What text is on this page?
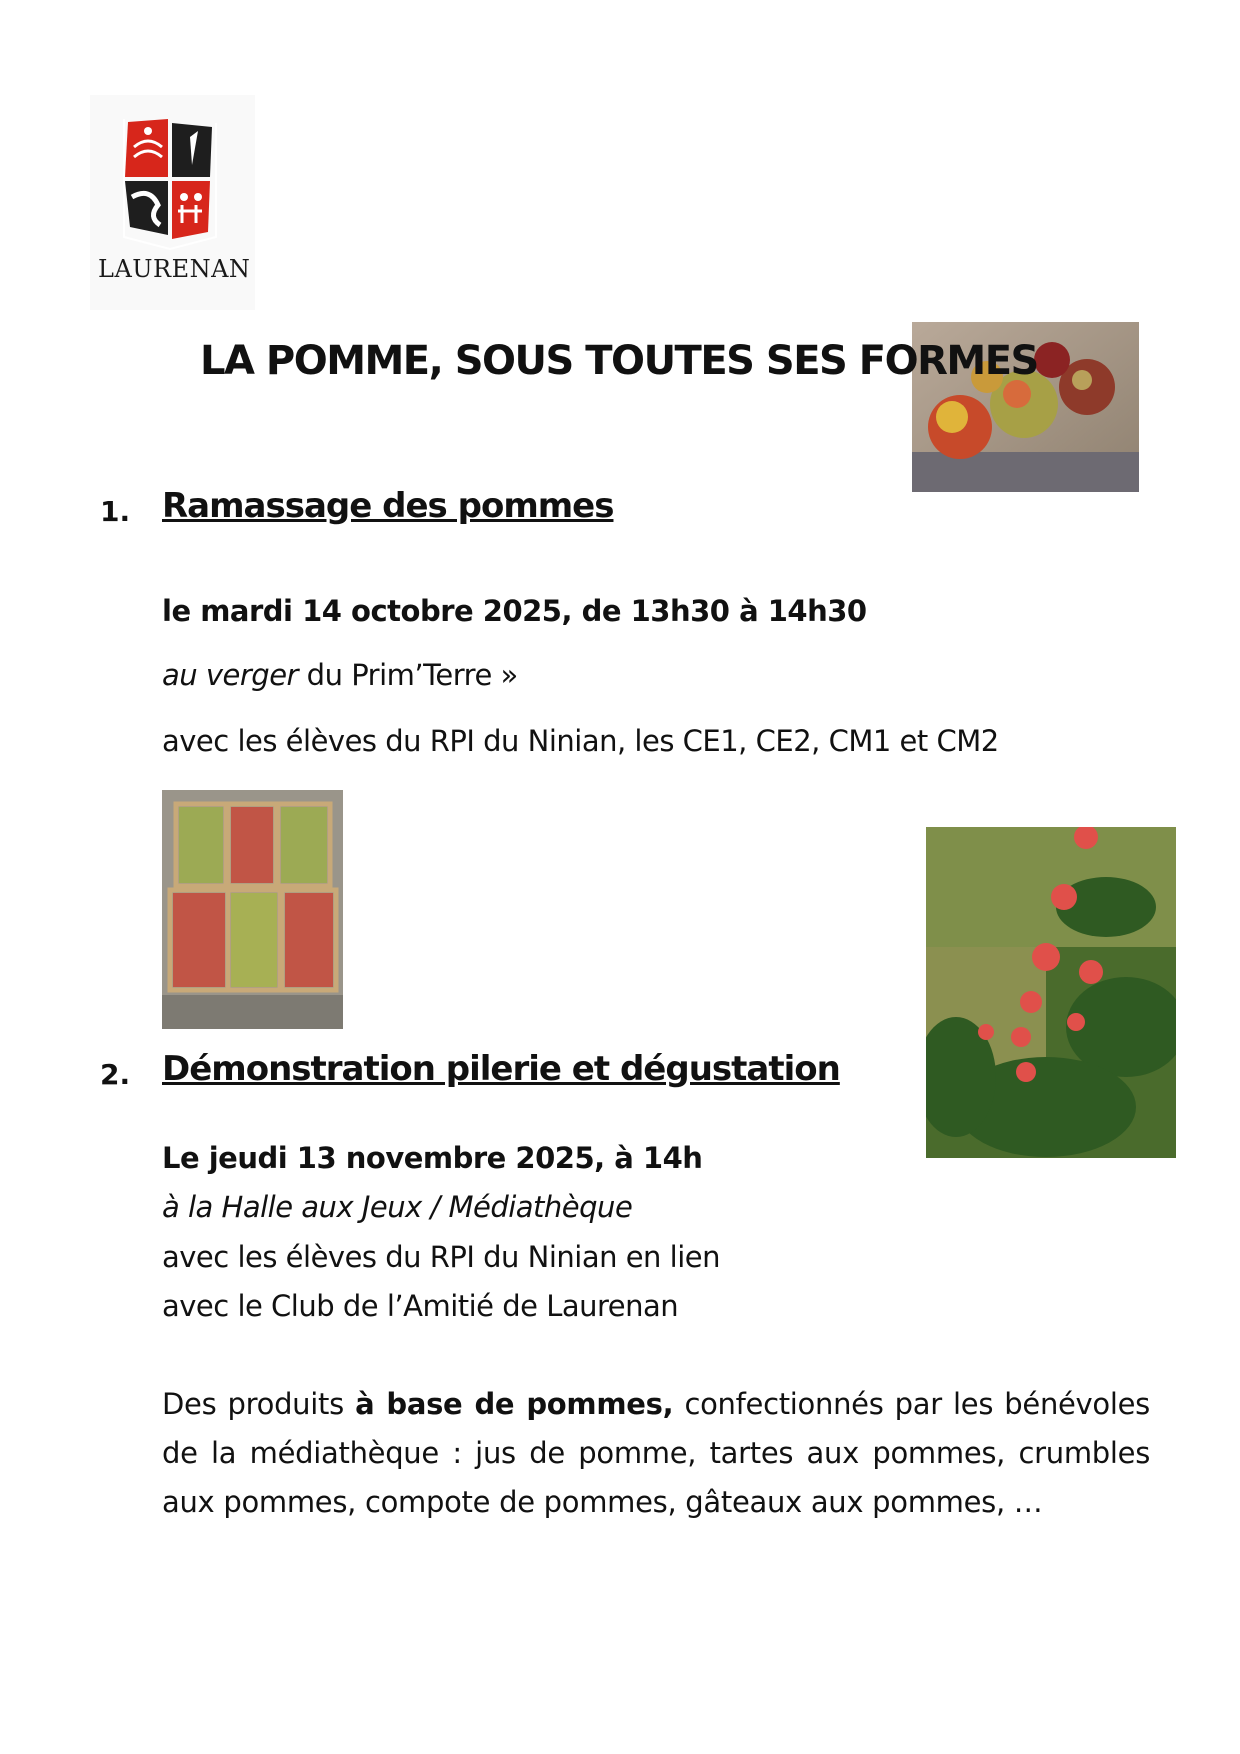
LAURENAN
LA POMME, SOUS TOUTES SES FORMES
1. Ramassage des pommes
le mardi 14 octobre 2025, de 13h30 à 14h30
au verger du Prim’Terre »
avec les élèves du RPI du Ninian, les CE1, CE2, CM1 et CM2
2. Démonstration pilerie et dégustation
Le jeudi 13 novembre 2025, à 14h
à la Halle aux Jeux / Médiathèque
avec les élèves du RPI du Ninian en lien
avec le Club de l’Amitié de Laurenan
Des produits à base de pommes, confectionnés par les bénévoles de la médiathèque : jus de pomme, tartes aux pommes, crumbles aux pommes, compote de pommes, gâteaux aux pommes, …
